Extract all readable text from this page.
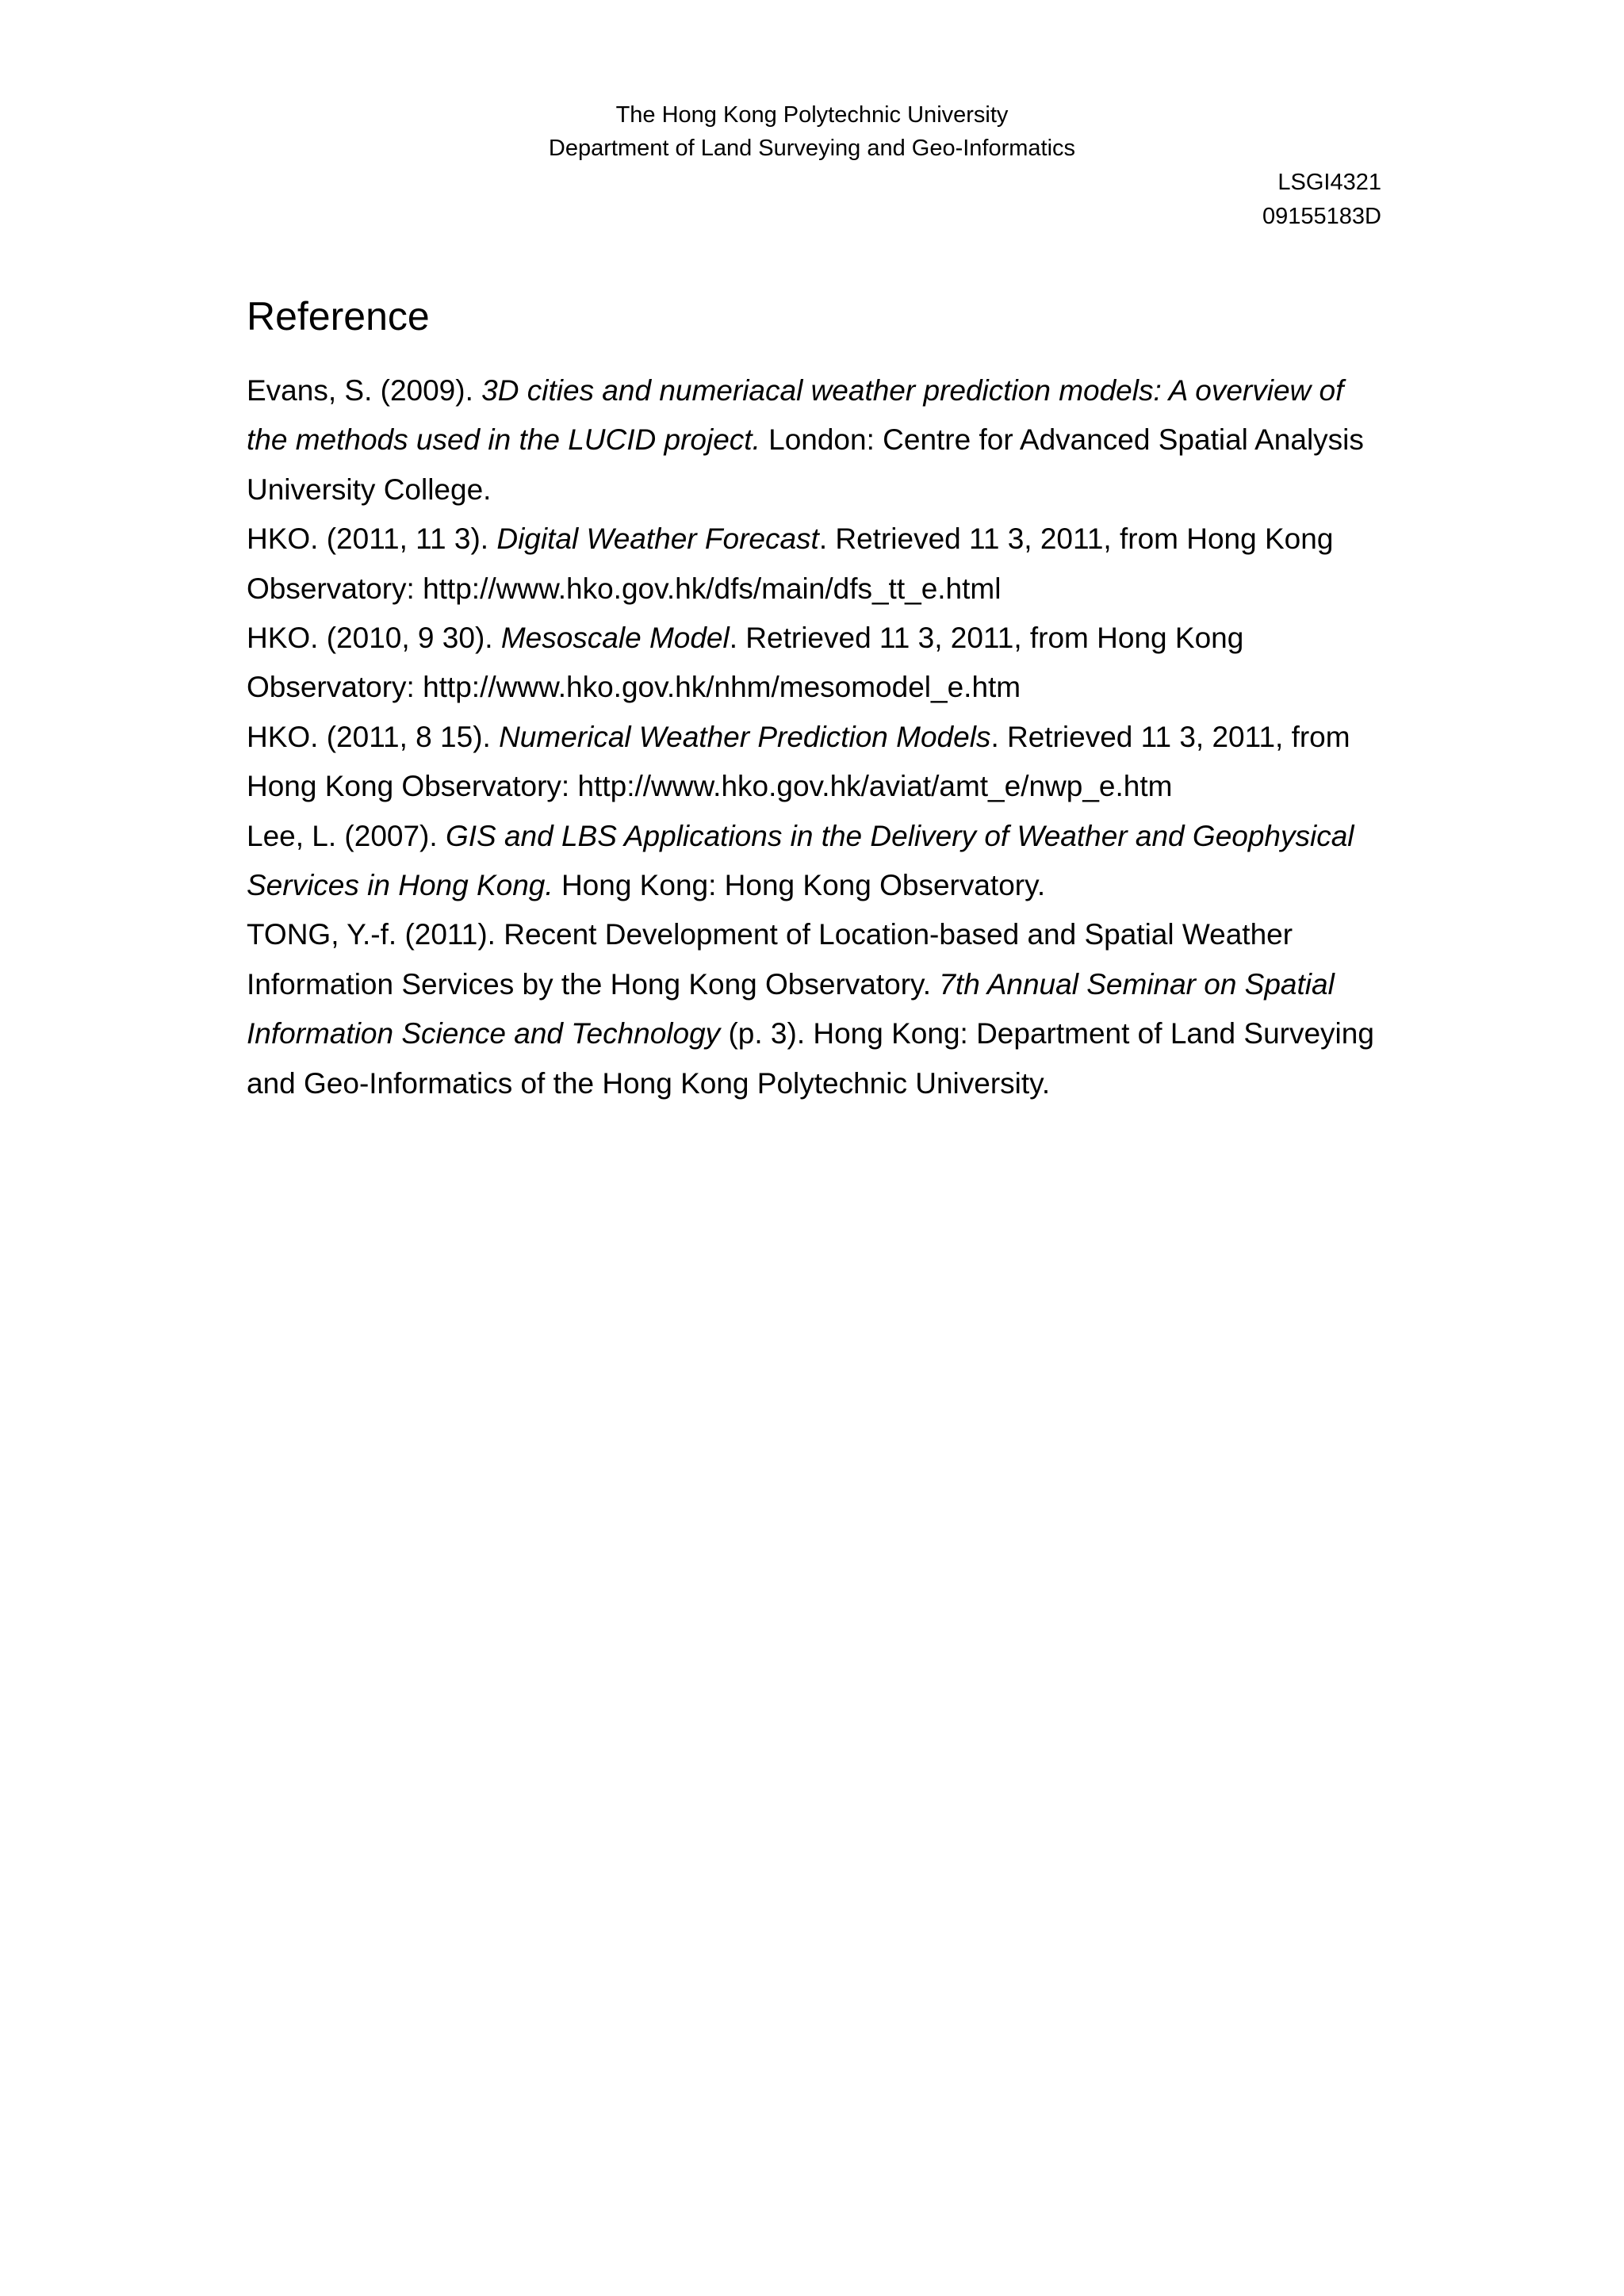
The Hong Kong Polytechnic University
Department of Land Surveying and Geo-Informatics
LSGI4321
09155183D
Reference

Evans, S. (2009). 3D cities and numeriacal weather prediction models: A overview of the methods used in the LUCID project. London: Centre for Advanced Spatial Analysis University College.

HKO. (2011, 11 3). Digital Weather Forecast. Retrieved 11 3, 2011, from Hong Kong Observatory: http://www.hko.gov.hk/dfs/main/dfs_tt_e.html

HKO. (2010, 9 30). Mesoscale Model. Retrieved 11 3, 2011, from Hong Kong Observatory: http://www.hko.gov.hk/nhm/mesomodel_e.htm

HKO. (2011, 8 15). Numerical Weather Prediction Models. Retrieved 11 3, 2011, from Hong Kong Observatory: http://www.hko.gov.hk/aviat/amt_e/nwp_e.htm

Lee, L. (2007). GIS and LBS Applications in the Delivery of Weather and Geophysical Services in Hong Kong. Hong Kong: Hong Kong Observatory.

TONG, Y.-f. (2011). Recent Development of Location-based and Spatial Weather Information Services by the Hong Kong Observatory. 7th Annual Seminar on Spatial Information Science and Technology (p. 3). Hong Kong: Department of Land Surveying and Geo-Informatics of the Hong Kong Polytechnic University.
